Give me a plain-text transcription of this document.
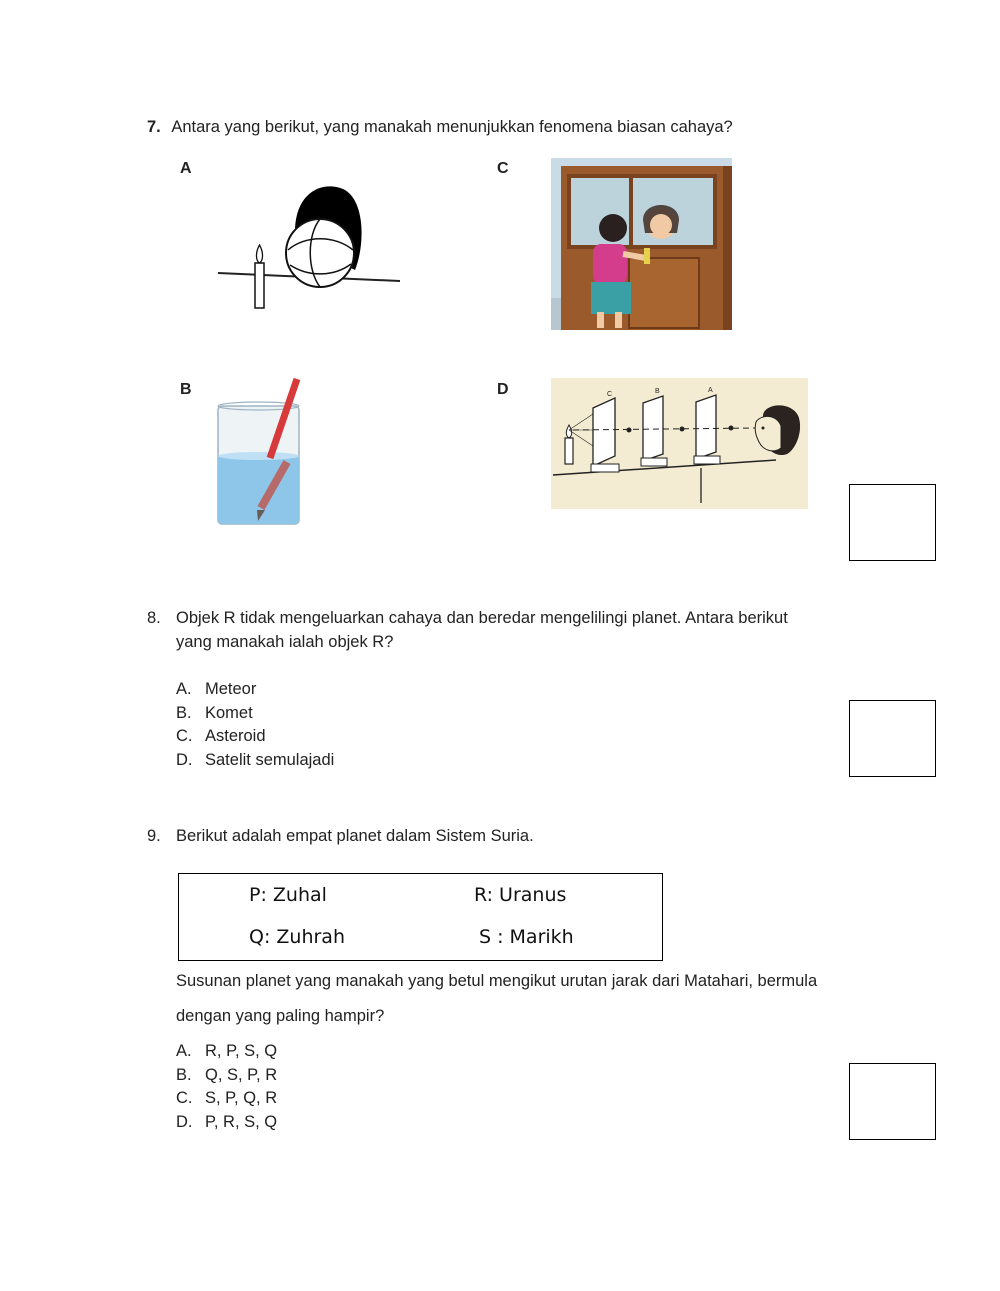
7. Antara yang berikut, yang manakah menunjukkan fenomena biasan cahaya?
A	C
B	D	C	B	A
8. Objek R tidak mengeluarkan cahaya dan beredar mengelilingi planet. Antara berikut
yang manakah ialah objek R?
A. Meteor
B. Komet
C. Asteroid
D. Satelit semulajadi
9. Berikut adalah empat planet dalam Sistem Suria.
P: Zuhal	R: Uranus
Q: Zuhrah	S : Marikh
Susunan planet yang manakah yang betul mengikut urutan jarak dari Matahari, bermula
dengan yang paling hampir?
A. R, P, S, Q
B. Q, S, P, R
C. S, P, Q, R
D. P, R, S, Q
